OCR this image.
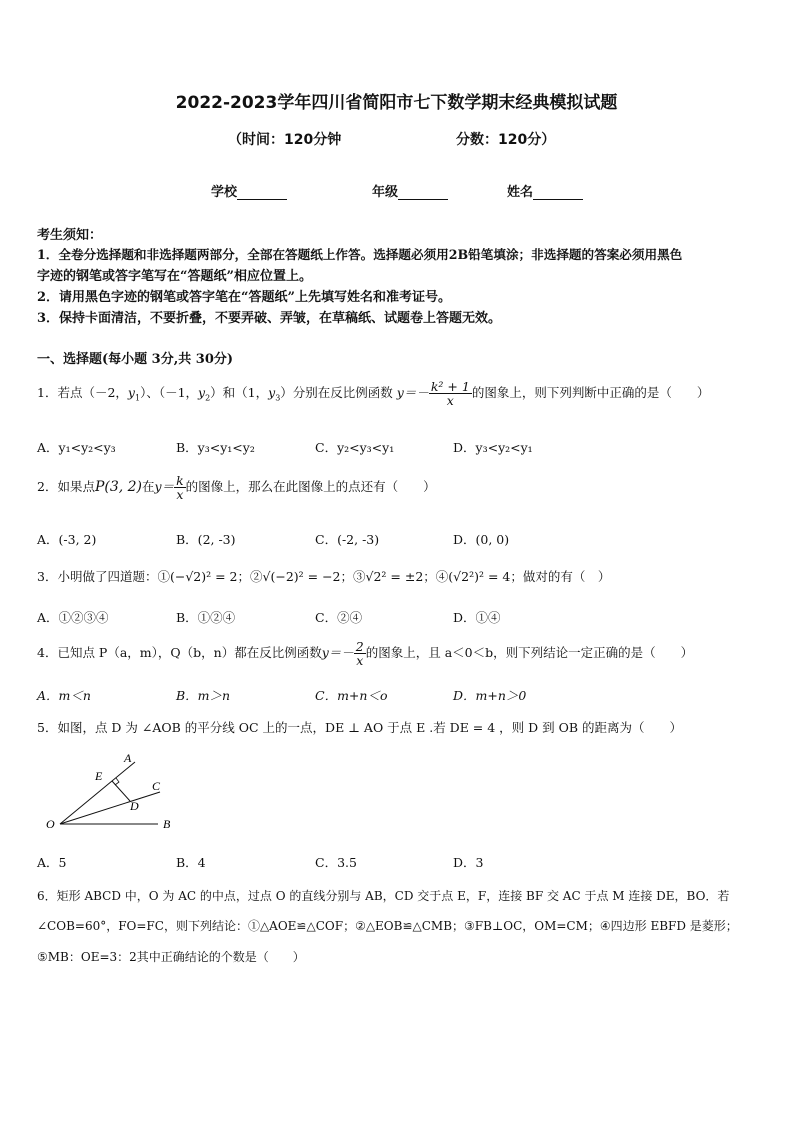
2022-2023学年四川省简阳市七下数学期末经典模拟试题
（时间：120分钟	分数：120分）
学校	年级	姓名
考生须知：
1．全卷分选择题和非选择题两部分，全部在答题纸上作答。选择题必须用2B铅笔填涂；非选择题的答案必须用黑色
字迹的钢笔或答字笔写在“答题纸”相应位置上。
2．请用黑色字迹的钢笔或答字笔在“答题纸”上先填写姓名和准考证号。
3．保持卡面清洁，不要折叠，不要弄破、弄皱，在草稿纸、试题卷上答题无效。
一、选择题(每小题 3分,共 30分)
1．若点（－2，$y_1$）、（－1，$y_2$）和（1，$y_3$）分别在反比例函数 $y=- \frac{\text{k² + 1}}{x}$ 的图象上，则下列判断中正确的是（　　）
A．y₁<y₂<y₃	B．y₃<y₁<y₂	C．y₂<y₃<y₁	D．y₃<y₂<y₁
2．如果点P(3, 2)在$y= \frac{k}{x}$ 的图像上，那么在此图像上的点还有（　　）
A．(-3, 2)	B．(2, -3)	C．(-2, -3)	D．(0, 0)
3．小明做了四道题：①(−√2)² = 2；②√(−2)² = −2；③√2² = ±2；④(√2²)² = 4；做对的有（　）
A．①②③④	B．①②④	C．②④	D．①④
4．已知点 P（a，m），Q（b，n）都在反比例函数$y=- \frac{2}{x}$ 的图象上，且 a＜0＜b，则下列结论一定正确的是（　　）
A．m＜n	B．m＞n	C．m+n＜o	D．m+n＞0
5．如图，点 D 为 ∠AOB 的平分线 OC 上的一点，DE ⊥ AO 于点 E .若 DE = 4 ，则 D 到 OB 的距离为（　　）
A
B
C
D
E
O
A．5	B．4	C．3.5	D．3
6．矩形 ABCD 中，O 为 AC 的中点，过点 O 的直线分别与 AB，CD 交于点 E，F，连接 BF 交 AC 于点 M 连接 DE，BO．若
∠COB=60°，FO=FC，则下列结论：①△AOE≌△COF；②△EOB≌△CMB；③FB⊥OC，OM=CM；④四边形 EBFD 是菱形；
⑤MB：OE=3：2其中正确结论的个数是（　　）
